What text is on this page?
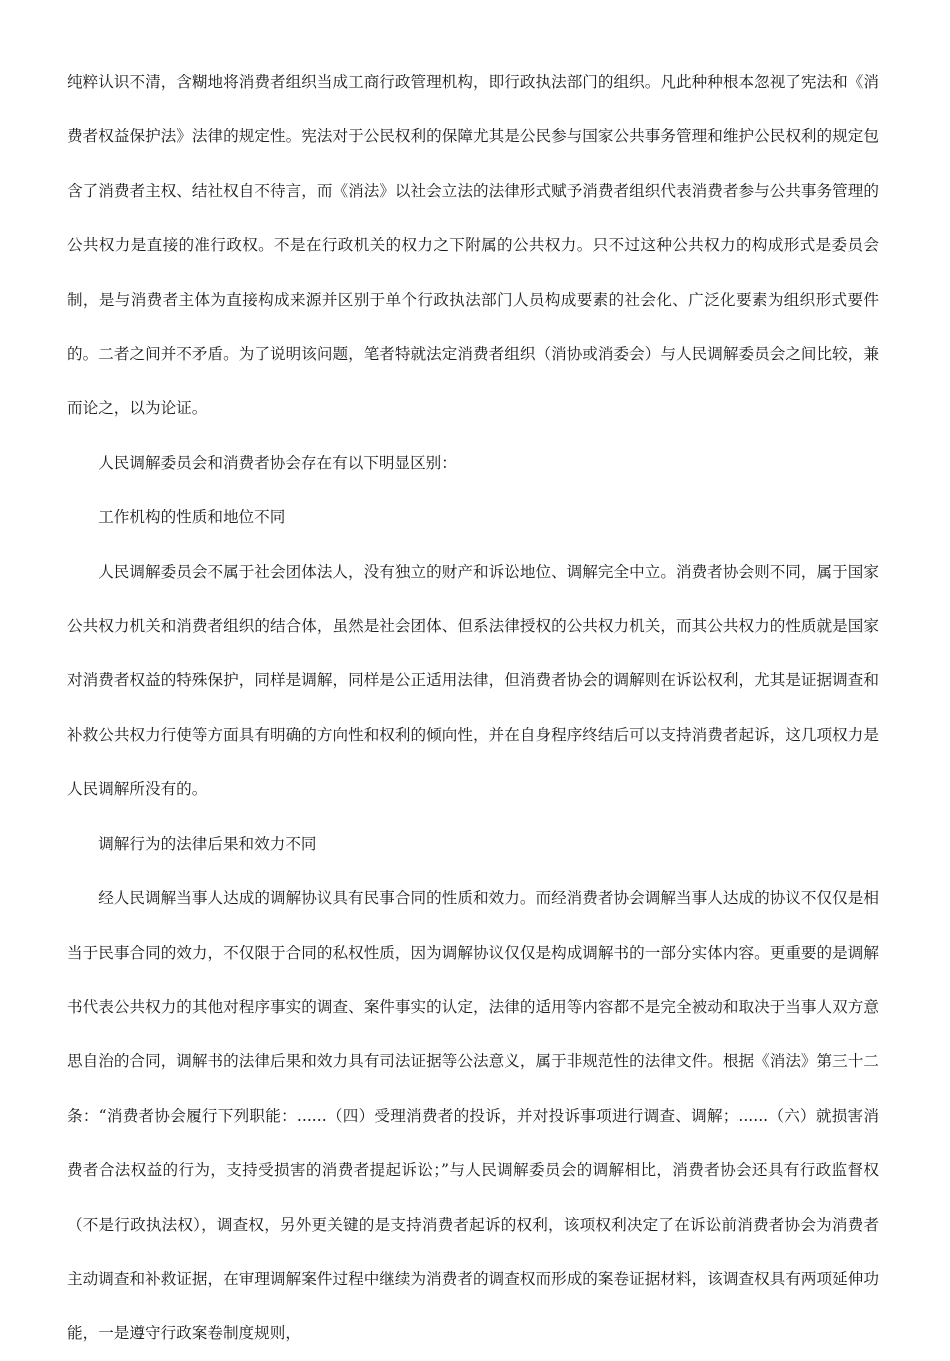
纯粹认识不清，含糊地将消费者组织当成工商行政管理机构，即行政执法部门的组织。凡此种种根本忽视了宪法和《消费者权益保护法》法律的规定性。宪法对于公民权利的保障尤其是公民参与国家公共事务管理和维护公民权利的规定包含了消费者主权、结社权自不待言，而《消法》以社会立法的法律形式赋予消费者组织代表消费者参与公共事务管理的公共权力是直接的准行政权。不是在行政机关的权力之下附属的公共权力。只不过这种公共权力的构成形式是委员会制，是与消费者主体为直接构成来源并区别于单个行政执法部门人员构成要素的社会化、广泛化要素为组织形式要件的。二者之间并不矛盾。为了说明该问题，笔者特就法定消费者组织（消协或消委会）与人民调解委员会之间比较，兼而论之，以为论证。

人民调解委员会和消费者协会存在有以下明显区别：

工作机构的性质和地位不同

人民调解委员会不属于社会团体法人，没有独立的财产和诉讼地位、调解完全中立。消费者协会则不同，属于国家公共权力机关和消费者组织的结合体，虽然是社会团体、但系法律授权的公共权力机关，而其公共权力的性质就是国家对消费者权益的特殊保护，同样是调解，同样是公正适用法律，但消费者协会的调解则在诉讼权利，尤其是证据调查和补救公共权力行使等方面具有明确的方向性和权利的倾向性，并在自身程序终结后可以支持消费者起诉，这几项权力是人民调解所没有的。

调解行为的法律后果和效力不同

经人民调解当事人达成的调解协议具有民事合同的性质和效力。而经消费者协会调解当事人达成的协议不仅仅是相当于民事合同的效力，不仅限于合同的私权性质，因为调解协议仅仅是构成调解书的一部分实体内容。更重要的是调解书代表公共权力的其他对程序事实的调查、案件事实的认定，法律的适用等内容都不是完全被动和取决于当事人双方意思自治的合同，调解书的法律后果和效力具有司法证据等公法意义，属于非规范性的法律文件。根据《消法》第三十二条：“消费者协会履行下列职能：......（四）受理消费者的投诉，并对投诉事项进行调查、调解；......（六）就损害消费者合法权益的行为，支持受损害的消费者提起诉讼；”与人民调解委员会的调解相比，消费者协会还具有行政监督权（不是行政执法权），调查权，另外更关键的是支持消费者起诉的权利，该项权利决定了在诉讼前消费者协会为消费者主动调查和补救证据，在审理调解案件过程中继续为消费者的调查权而形成的案卷证据材料，该调查权具有两项延伸功能，一是遵守行政案卷制度规则，
